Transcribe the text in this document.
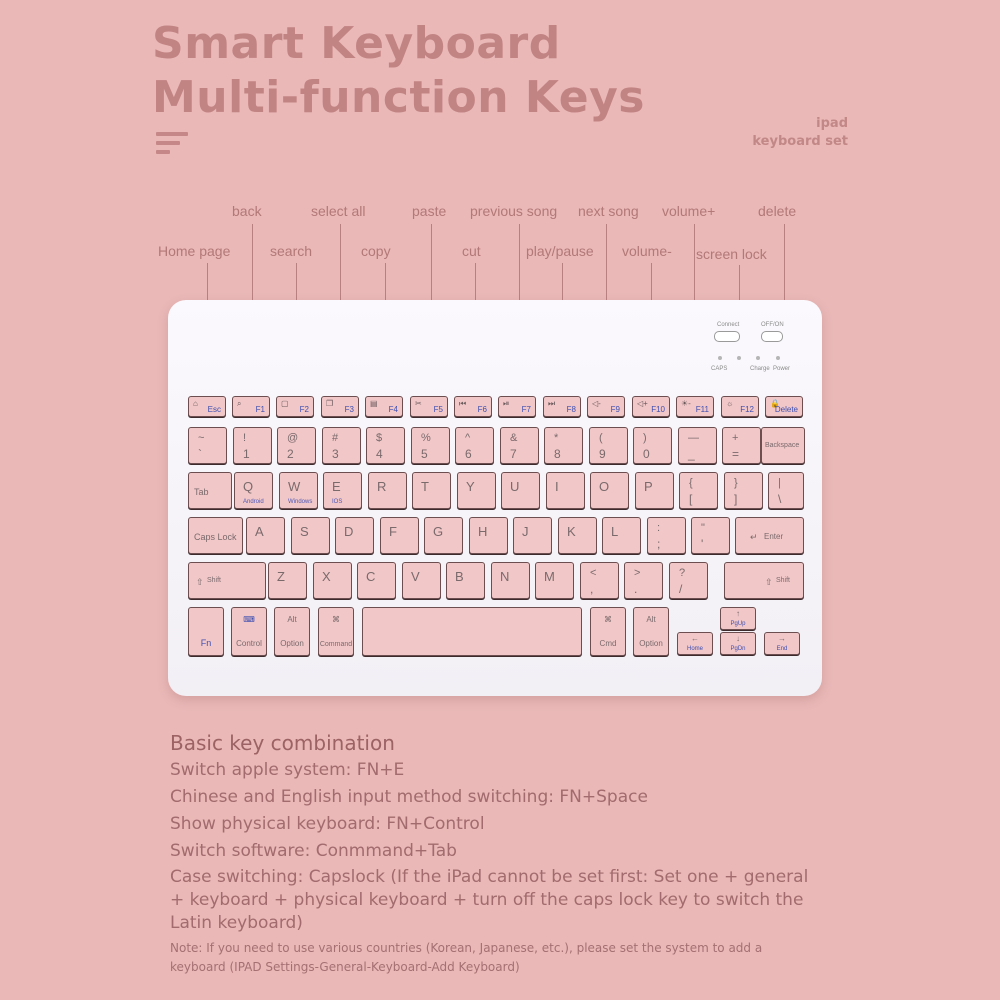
Smart Keyboard
Multi-function Keys
ipad
keyboard set
back	select all	paste previous song next song volume+	delete
Home page	search	copy	cut	play/pause volume- screen lock
Connect	OFF/ON
CAPS	Charge Power
⌂
Esc
⌕
F1
▢
F2
❐
F3
▤
F4
✂
F5
⏮
F6
⏯
F7
⏭
F8
◁-
F9
◁+
F10
☀-
F11
☼
F12
🔒
Delete
~
`
!
1
@
2
#
3
$
4
%
5
^
6
&
7
*
8
(
9
)
0
—
_
+
=
Backspace
Tab	Q
Android
W
Windows
E
IOS
R	T	Y	U	I	O	P	{
[
}
]
|
\
Caps Lock A	S	D	F	G	H	J	K	L	:
;
"
'	↵ Enter
⇧ Shift	Z	X	C	V	B	N	M	<
,
>
.
?
/	⇧ Shift
Fn
⌨
Control
Alt
Option
⌘
Command
⌘
Cmd
Alt
Option
←
Home
↑
PgUp
↓
PgDn
→
End
Basic key combination
Switch apple system: FN+E
Chinese and English input method switching: FN+Space
Show physical keyboard: FN+Control
Switch software: Conmmand+Tab
Case switching: Capslock (If the iPad cannot be set first: Set one + general + keyboard + physical keyboard + turn off the caps lock key to switch the Latin keyboard)
Note: If you need to use various countries (Korean, Japanese, etc.), please set the system to add a keyboard (IPAD Settings-General-Keyboard-Add Keyboard)
